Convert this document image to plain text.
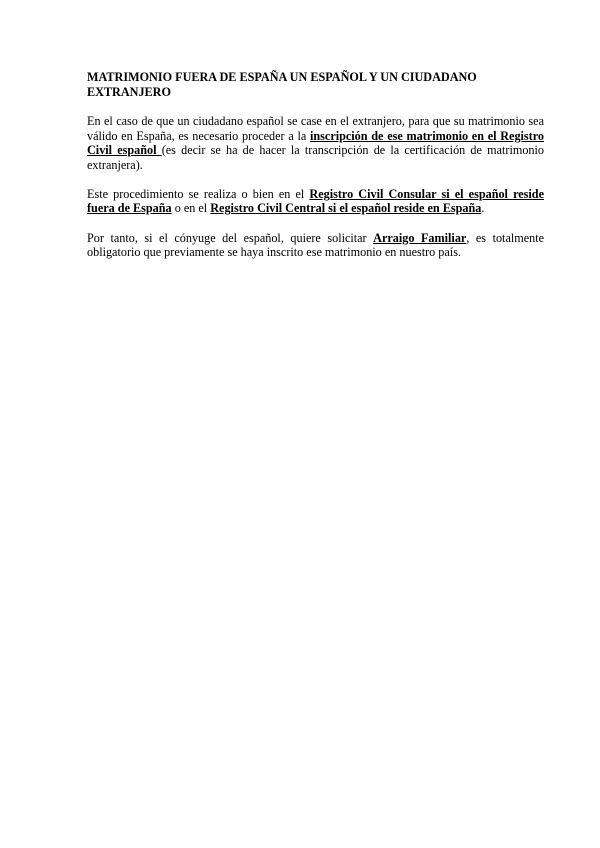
MATRIMONIO FUERA DE ESPAÑA UN ESPAÑOL Y UN CIUDADANO EXTRANJERO

En el caso de que un ciudadano español se case en el extranjero, para que su matrimonio sea válido en España, es necesario proceder a la inscripción de ese matrimonio en el Registro Civil español (es decir se ha de hacer la transcripción de la certificación de matrimonio extranjera).

Este procedimiento se realiza o bien en el Registro Civil Consular si el español reside fuera de España o en el Registro Civil Central si el español reside en España.

Por tanto, si el cónyuge del español, quiere solicitar Arraigo Familiar, es totalmente obligatorio que previamente se haya inscrito ese matrimonio en nuestro país.
